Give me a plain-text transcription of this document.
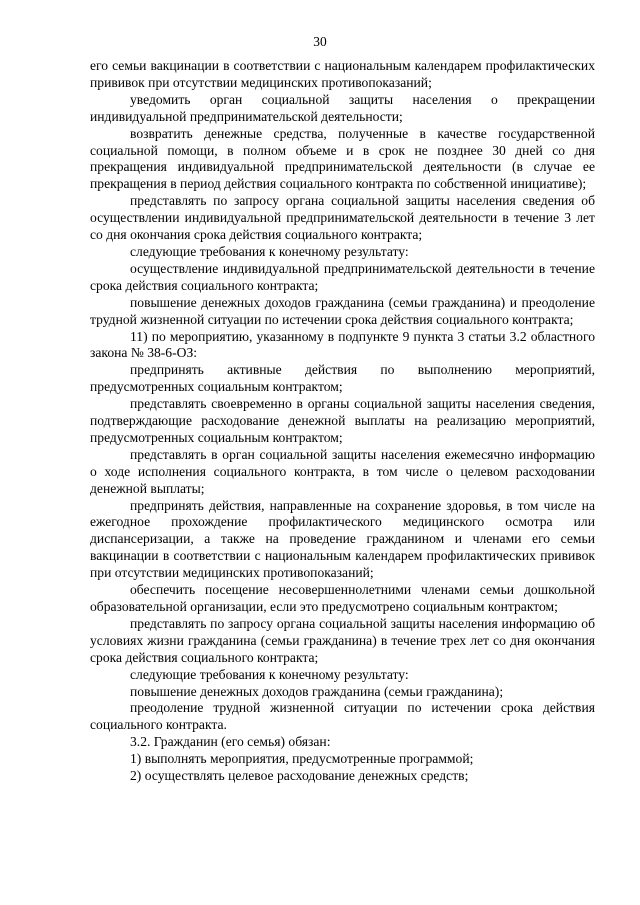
30

его семьи вакцинации в соответствии с национальным календарем профилактических прививок при отсутствии медицинских противопоказаний;

уведомить орган социальной защиты населения о прекращении индивидуальной предпринимательской деятельности;

возвратить денежные средства, полученные в качестве государственной социальной помощи, в полном объеме и в срок не позднее 30 дней со дня прекращения индивидуальной предпринимательской деятельности (в случае ее прекращения в период действия социального контракта по собственной инициативе);

представлять по запросу органа социальной защиты населения сведения об осуществлении индивидуальной предпринимательской деятельности в течение 3 лет со дня окончания срока действия социального контракта;

следующие требования к конечному результату:

осуществление индивидуальной предпринимательской деятельности в течение срока действия социального контракта;

повышение денежных доходов гражданина (семьи гражданина) и преодоление трудной жизненной ситуации по истечении срока действия социального контракта;

11) по мероприятию, указанному в подпункте 9 пункта 3 статьи 3.2 областного закона № 38-6-ОЗ:

предпринять активные действия по выполнению мероприятий, предусмотренных социальным контрактом;

представлять своевременно в органы социальной защиты населения сведения, подтверждающие расходование денежной выплаты на реализацию мероприятий, предусмотренных социальным контрактом;

представлять в орган социальной защиты населения ежемесячно информацию о ходе исполнения социального контракта, в том числе о целевом расходовании денежной выплаты;

предпринять действия, направленные на сохранение здоровья, в том числе на ежегодное прохождение профилактического медицинского осмотра или диспансеризации, а также на проведение гражданином и членами его семьи вакцинации в соответствии с национальным календарем профилактических прививок при отсутствии медицинских противопоказаний;

обеспечить посещение несовершеннолетними членами семьи дошкольной образовательной организации, если это предусмотрено социальным контрактом;

представлять по запросу органа социальной защиты населения информацию об условиях жизни гражданина (семьи гражданина) в течение трех лет со дня окончания срока действия социального контракта;

следующие требования к конечному результату:

повышение денежных доходов гражданина (семьи гражданина);

преодоление трудной жизненной ситуации по истечении срока действия социального контракта.

3.2. Гражданин (его семья) обязан:

1) выполнять мероприятия, предусмотренные программой;

2) осуществлять целевое расходование денежных средств;
